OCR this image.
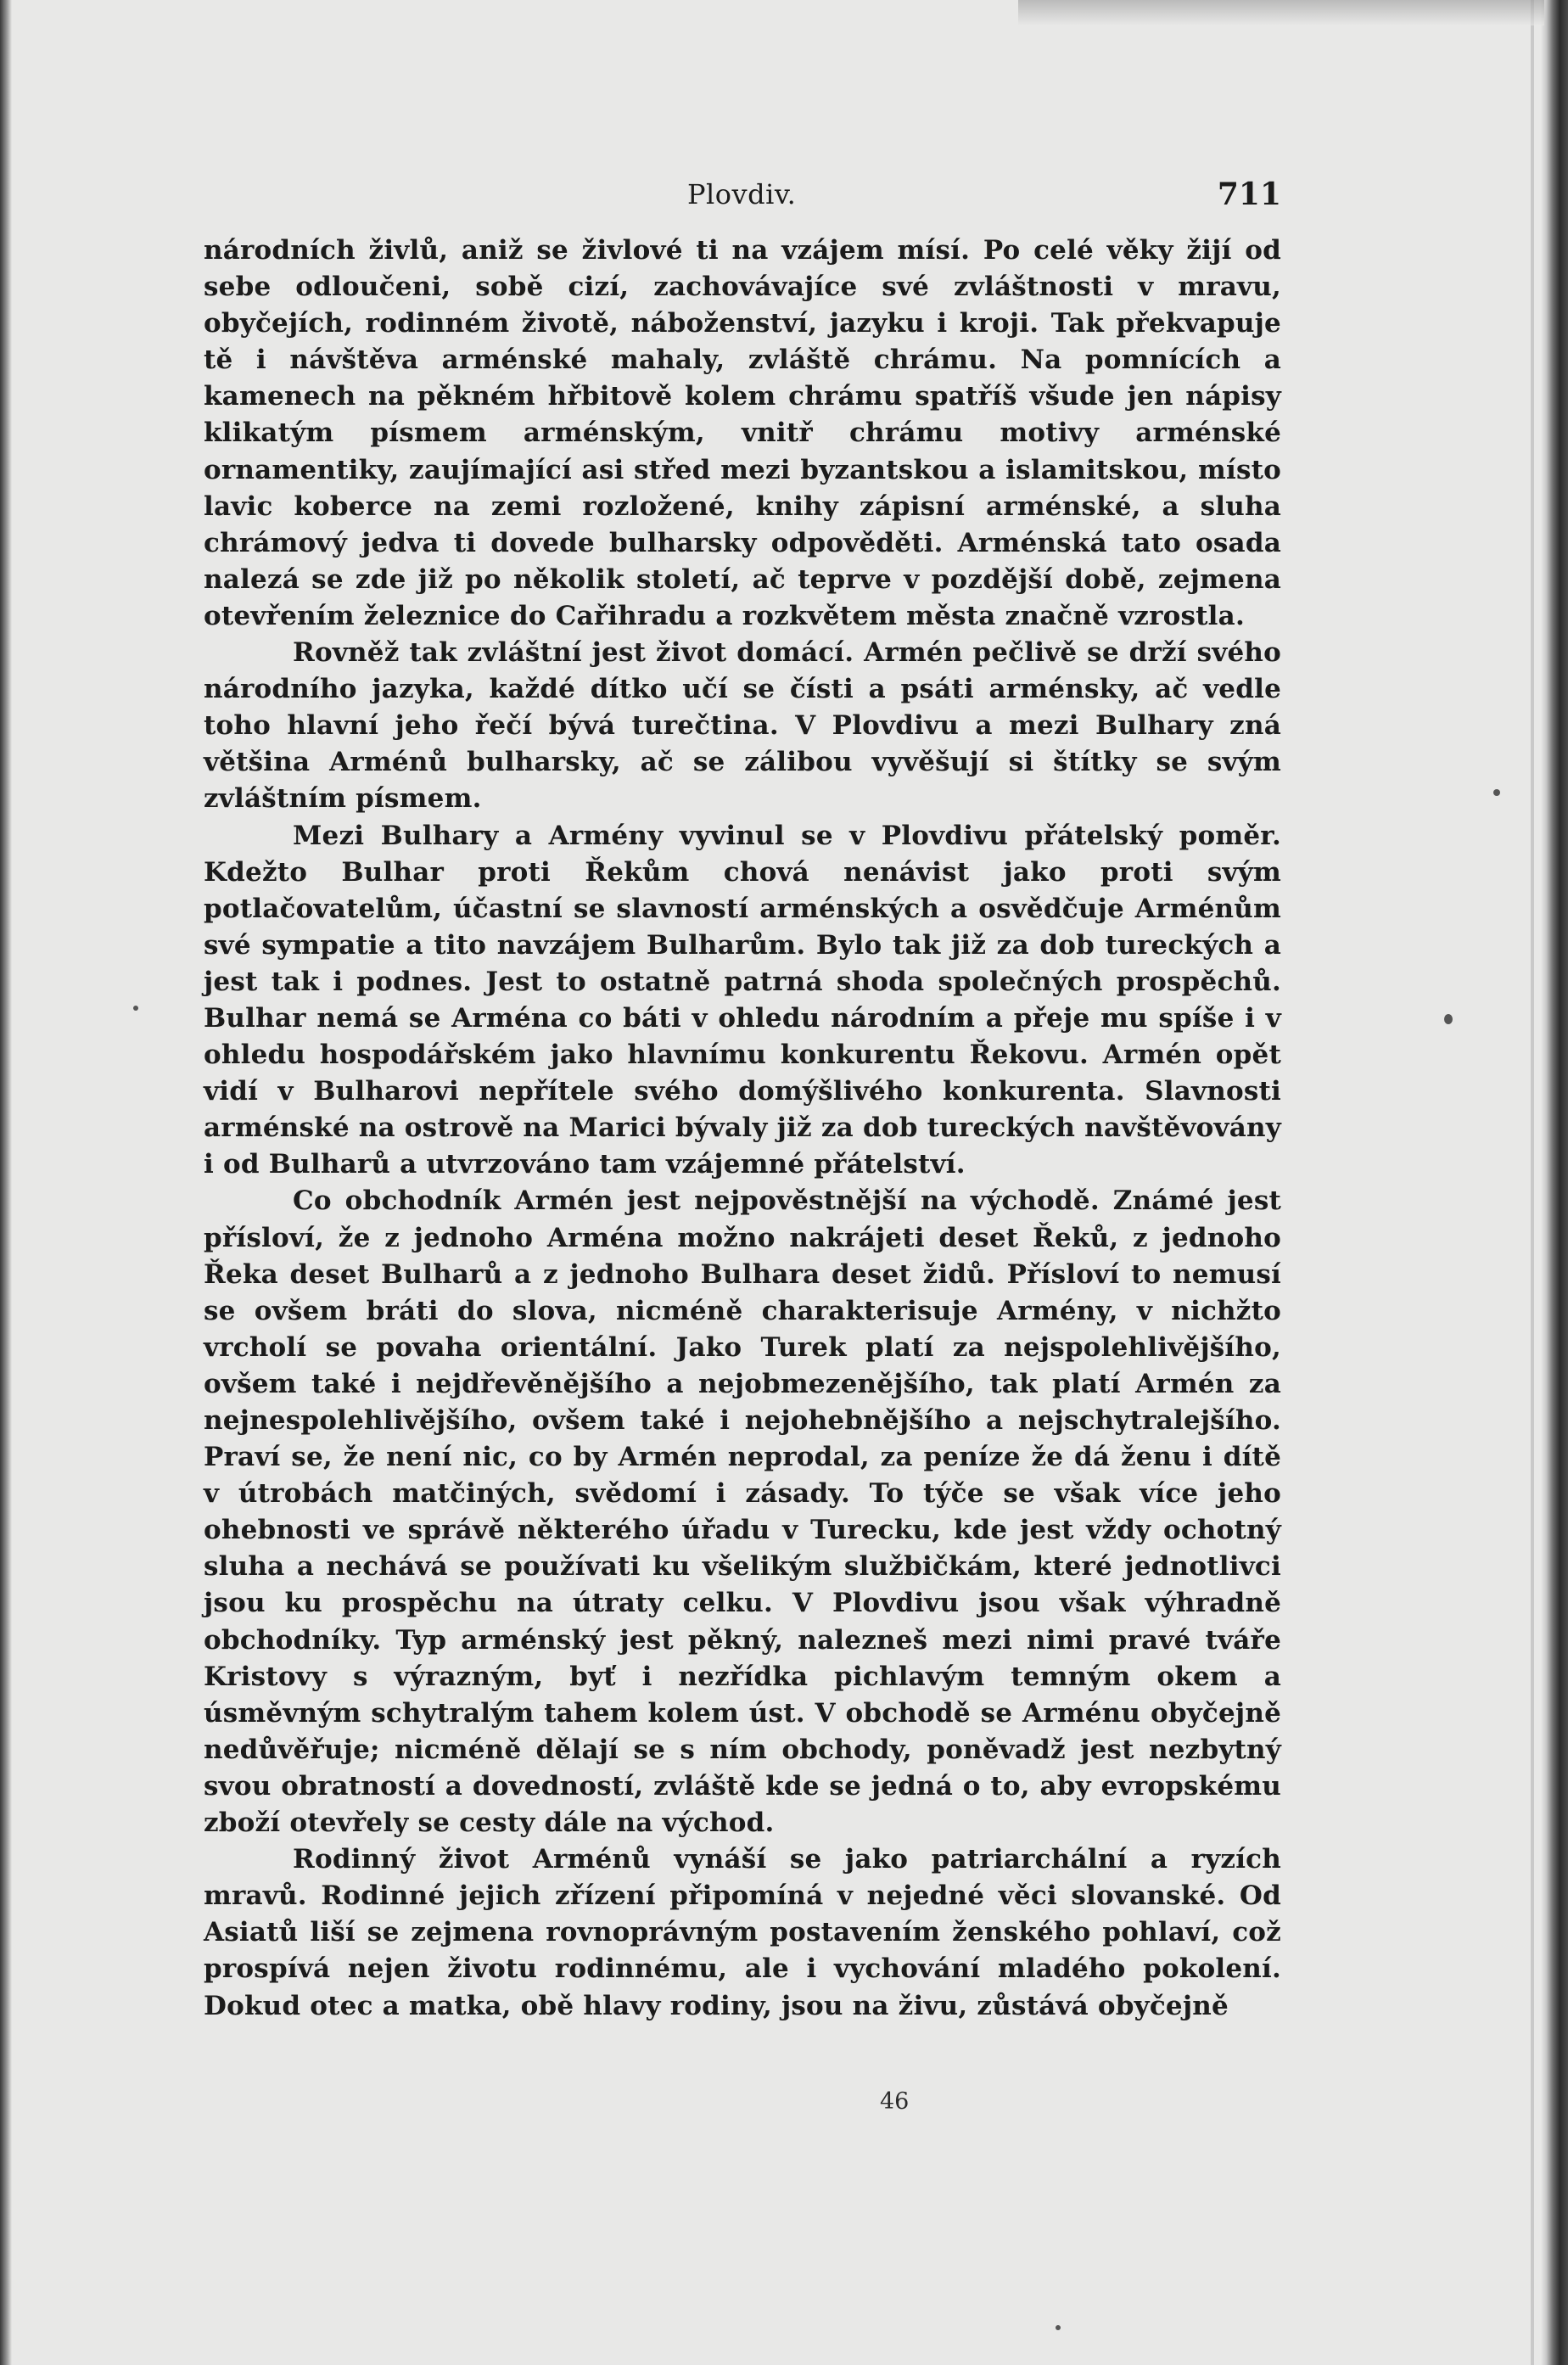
Plovdiv.	711

národních živlů, aniž se živlové ti na vzájem mísí. Po celé věky žijí od sebe odloučeni, sobě cizí, zachovávajíce své zvláštnosti v mravu, obyčejích, rodinném životě, náboženství, jazyku i kroji. Tak překvapuje tě i návštěva arménské mahaly, zvláště chrámu. Na pomnících a kamenech na pěkném hřbitově kolem chrámu spatříš všude jen nápisy klikatým písmem arménským, vnitř chrámu motivy arménské ornamentiky, zaujímající asi střed mezi byzantskou a islamitskou, místo lavic koberce na zemi rozložené, knihy zápisní arménské, a sluha chrámový jedva ti dovede bulharsky odpověděti. Arménská tato osada nalezá se zde již po několik století, ač teprve v pozdější době, zejmena otevřením železnice do Cařihradu a rozkvětem města značně vzrostla.

Rovněž tak zvláštní jest život domácí. Armén pečlivě se drží svého národního jazyka, každé dítko učí se čísti a psáti arménsky, ač vedle toho hlavní jeho řečí bývá turečtina. V Plovdivu a mezi Bulhary zná většina Arménů bulharsky, ač se zálibou vyvěšují si štítky se svým zvláštním písmem.

Mezi Bulhary a Armény vyvinul se v Plovdivu přátelský poměr. Kdežto Bulhar proti Řekům chová nenávist jako proti svým potlačovatelům, účastní se slavností arménských a osvědčuje Arménům své sympatie a tito navzájem Bulharům. Bylo tak již za dob tureckých a jest tak i podnes. Jest to ostatně patrná shoda společných prospěchů. Bulhar nemá se Arména co báti v ohledu národním a přeje mu spíše i v ohledu hospodářském jako hlavnímu konkurentu Řekovu. Armén opět vidí v Bulharovi nepřítele svého domýšlivého konkurenta. Slavnosti arménské na ostrově na Marici bývaly již za dob tureckých navštěvovány i od Bulharů a utvrzováno tam vzájemné přátelství.

Co obchodník Armén jest nejpověstnější na východě. Známé jest přísloví, že z jednoho Arména možno nakrájeti deset Řeků, z jednoho Řeka deset Bulharů a z jednoho Bulhara deset židů. Přísloví to nemusí se ovšem bráti do slova, nicméně charakterisuje Armény, v nichžto vrcholí se povaha orientální. Jako Turek platí za nejspolehlivějšího, ovšem také i nejdřevěnějšího a nejobmezenějšího, tak platí Armén za nejnespolehlivějšího, ovšem také i nejohebnějšího a nejschytralejšího. Praví se, že není nic, co by Armén neprodal, za peníze že dá ženu i dítě v útrobách matčiných, svědomí i zásady. To týče se však více jeho ohebnosti ve správě některého úřadu v Turecku, kde jest vždy ochotný sluha a nechává se používati ku všelikým službičkám, které jednotlivci jsou ku prospěchu na útraty celku. V Plovdivu jsou však výhradně obchodníky. Typ arménský jest pěkný, nalezneš mezi nimi pravé tváře Kristovy s výrazným, byť i nezřídka pichlavým temným okem a úsměvným schytralým tahem kolem úst. V obchodě se Arménu obyčejně nedůvěřuje; nicméně dělají se s ním obchody, poněvadž jest nezbytný svou obratností a dovedností, zvláště kde se jedná o to, aby evropskému zboží otevřely se cesty dále na východ.

Rodinný život Arménů vynáší se jako patriarchální a ryzích mravů. Rodinné jejich zřízení připomíná v nejedné věci slovanské. Od Asiatů liší se zejmena rovnoprávným postavením ženského pohlaví, což prospívá nejen životu rodinnému, ale i vychování mladého pokolení. Dokud otec a matka, obě hlavy rodiny, jsou na živu, zůstává obyčejně

46
